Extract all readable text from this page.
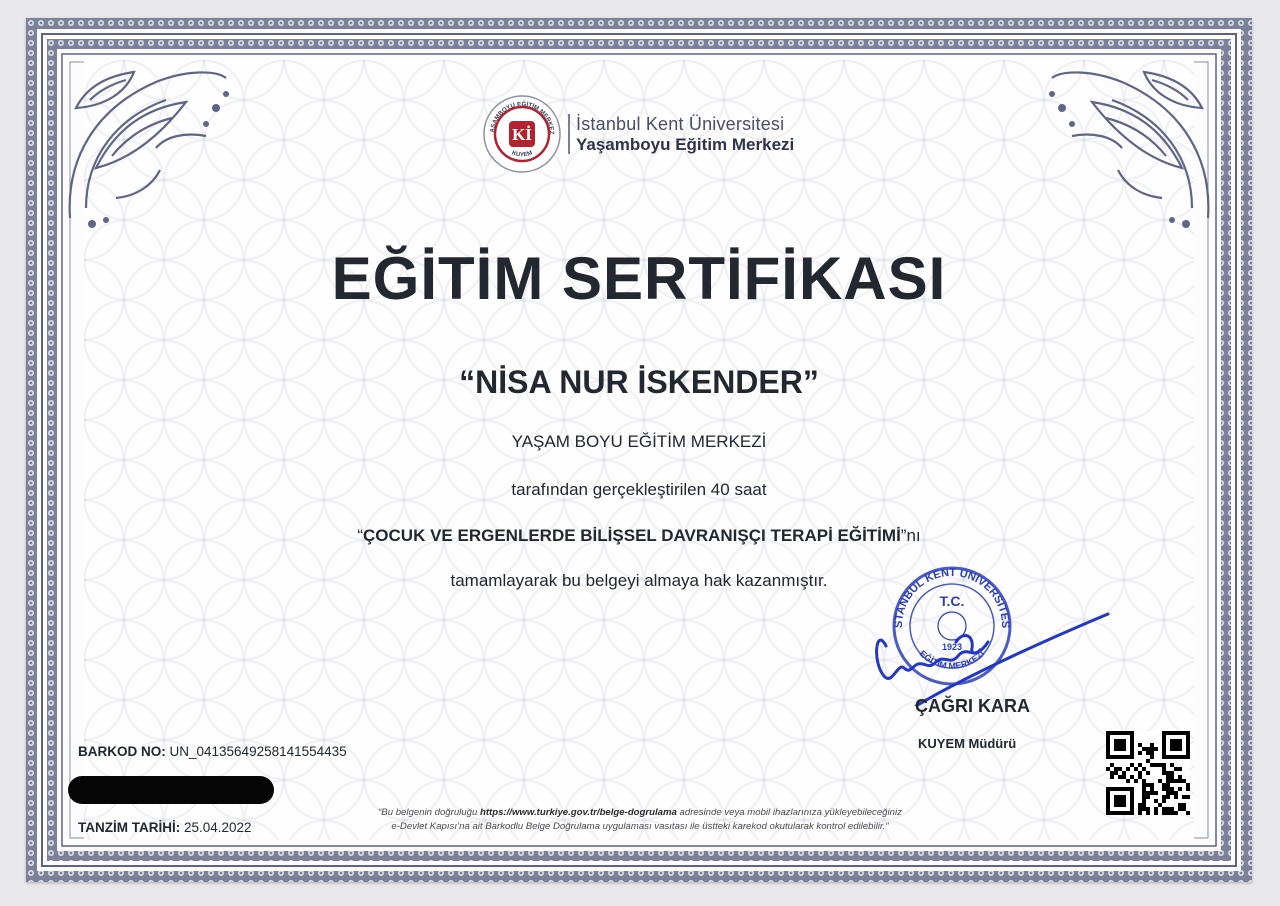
AŞAMBOYU EĞİTİM MERKEZ
KUYEM
Kİ
İstanbul Kent Üniversitesi
Yaşamboyu Eğitim Merkezi
EĞİTİM SERTİFİKASI
“NİSA NUR İSKENDER”
YAŞAM BOYU EĞİTİM MERKEZİ
tarafından gerçekleştirilen 40 saat
“ÇOCUK VE ERGENLERDE BİLİŞSEL DAVRANIŞÇI TERAPİ EĞİTİMİ”nı
tamamlayarak bu belgeyi almaya hak kazanmıştır.
STANBUL KENT ÜNİVERSİTES
EĞİTİM MERKEZİ
T.C.
1923
ÇAĞRI KARA
KUYEM Müdürü
BARKOD NO: UN_04135649258141554435
TANZİM TARİHİ: 25.04.2022
“Bu belgenin doğruluğu https://www.turkiye.gov.tr/belge-dogrulama adresinde veya mobil ihazlarınıza yükleyebileceğiniz
e-Devlet Kapısı’na ait Barkodlu Belge Doğrulama uygulaması vasıtası ile üstteki karekod okutularak kontrol edilebilir.”
